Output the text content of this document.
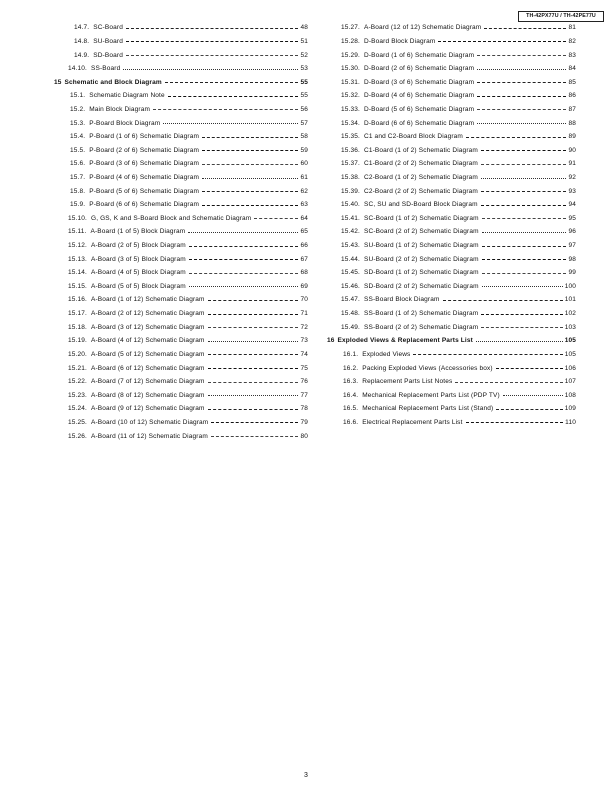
TH-42PX77U / TH-42PE77U
14.7. SC-Board	48
14.8. SU-Board	51
14.9. SD-Board	52
14.10. SS-Board	53
15 Schematic and Block Diagram	55
15.1. Schematic Diagram Note	55
15.2. Main Block Diagram	56
15.3. P-Board Block Diagram	57
15.4. P-Board (1 of 6) Schematic Diagram	58
15.5. P-Board (2 of 6) Schematic Diagram	59
15.6. P-Board (3 of 6) Schematic Diagram	60
15.7. P-Board (4 of 6) Schematic Diagram	61
15.8. P-Board (5 of 6) Schematic Diagram	62
15.9. P-Board (6 of 6) Schematic Diagram	63
15.10. G, GS, K and S-Board Block and Schematic Diagram	64
15.11. A-Board (1 of 5) Block Diagram	65
15.12. A-Board (2 of 5) Block Diagram	66
15.13. A-Board (3 of 5) Block Diagram	67
15.14. A-Board (4 of 5) Block Diagram	68
15.15. A-Board (5 of 5) Block Diagram	69
15.16. A-Board (1 of 12) Schematic Diagram	70
15.17. A-Board (2 of 12) Schematic Diagram	71
15.18. A-Board (3 of 12) Schematic Diagram	72
15.19. A-Board (4 of 12) Schematic Diagram	73
15.20. A-Board (5 of 12) Schematic Diagram	74
15.21. A-Board (6 of 12) Schematic Diagram	75
15.22. A-Board (7 of 12) Schematic Diagram	76
15.23. A-Board (8 of 12) Schematic Diagram	77
15.24. A-Board (9 of 12) Schematic Diagram	78
15.25. A-Board (10 of 12) Schematic Diagram	79
15.26. A-Board (11 of 12) Schematic Diagram	80
15.27. A-Board (12 of 12) Schematic Diagram	81
15.28. D-Board Block Diagram	82
15.29. D-Board (1 of 6) Schematic Diagram	83
15.30. D-Board (2 of 6) Schematic Diagram	84
15.31. D-Board (3 of 6) Schematic Diagram	85
15.32. D-Board (4 of 6) Schematic Diagram	86
15.33. D-Board (5 of 6) Schematic Diagram	87
15.34. D-Board (6 of 6) Schematic Diagram	88
15.35. C1 and C2-Board Block Diagram	89
15.36. C1-Board (1 of 2) Schematic Diagram	90
15.37. C1-Board (2 of 2) Schematic Diagram	91
15.38. C2-Board (1 of 2) Schematic Diagram	92
15.39. C2-Board (2 of 2) Schematic Diagram	93
15.40. SC, SU and SD-Board Block Diagram	94
15.41. SC-Board (1 of 2) Schematic Diagram	95
15.42. SC-Board (2 of 2) Schematic Diagram	96
15.43. SU-Board (1 of 2) Schematic Diagram	97
15.44. SU-Board (2 of 2) Schematic Diagram	98
15.45. SD-Board (1 of 2) Schematic Diagram	99
15.46. SD-Board (2 of 2) Schematic Diagram	100
15.47. SS-Board Block Diagram	101
15.48. SS-Board (1 of 2) Schematic Diagram	102
15.49. SS-Board (2 of 2) Schematic Diagram	103
16 Exploded Views & Replacement Parts List	105
16.1. Exploded Views	105
16.2. Packing Exploded Views (Accessories box)	106
16.3. Replacement Parts List Notes	107
16.4. Mechanical Replacement Parts List (PDP TV)	108
16.5. Mechanical Replacement Parts List (Stand)	109
16.6. Electrical Replacement Parts List	110
3
